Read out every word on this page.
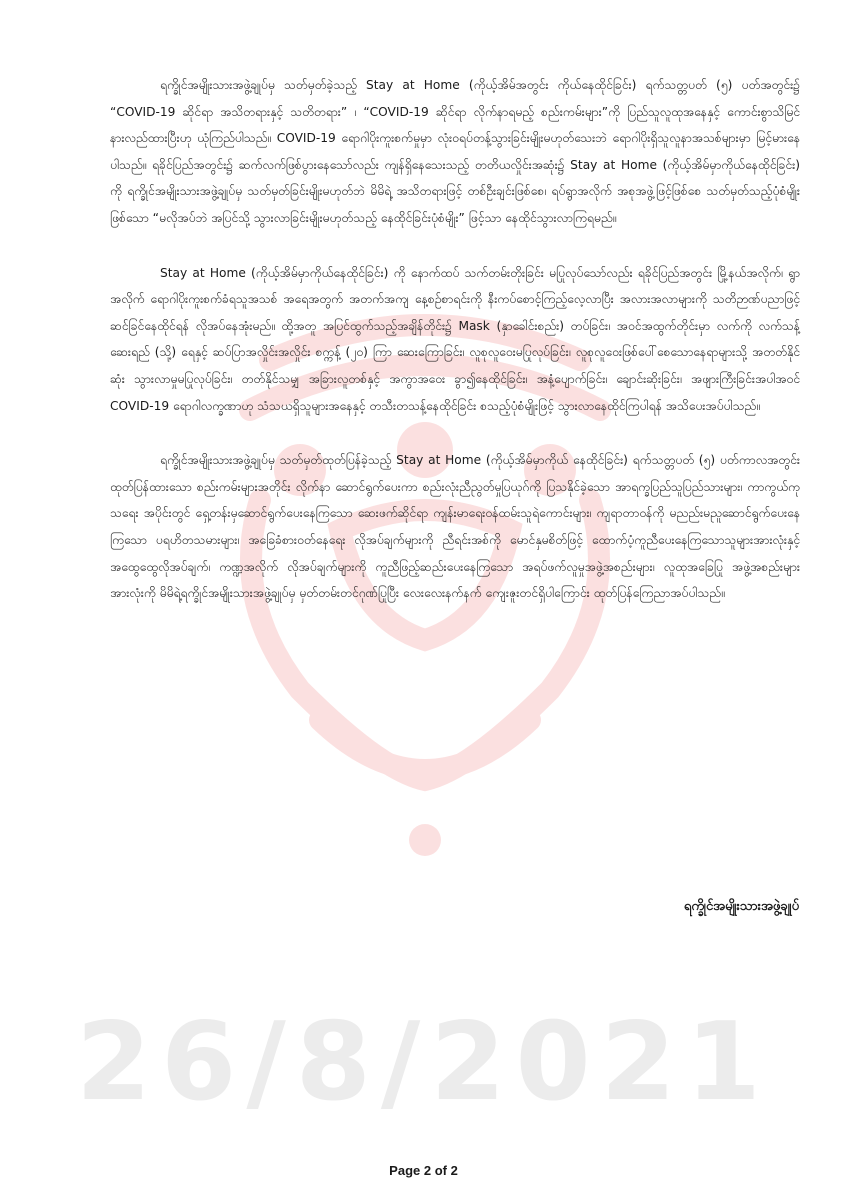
26/8/2021

ရက္ခိုင်အမျိုးသားအဖွဲ့ချုပ်မှ သတ်မှတ်ခဲ့သည့် Stay at Home (ကိုယ့်အိမ်အတွင်း ကိုယ်နေထိုင်ခြင်း) ရက်သတ္တပတ် (၅) ပတ်အတွင်း၌ “COVID-19 ဆိုင်ရာ အသိတရားနှင့် သတိတရား” ၊ “COVID-19 ဆိုင်ရာ လိုက်နာရမည့် စည်းကမ်းများ”ကို ပြည်သူလူထုအနေနှင့် ကောင်းစွာသိမြင်နားလည်ထားပြီးဟု ယုံကြည်ပါသည်။ COVID-19 ရောဂါပိုးကူးစက်မှုမှာ လုံးဝရပ်တန့်သွားခြင်းမျိုးမဟုတ်သေးဘဲ ရောဂါပိုးရှိသူလူနာအသစ်များမှာ မြင့်မားနေပါသည်။ ရခိုင်ပြည်အတွင်း၌ ဆက်လက်ဖြစ်ပွားနေသော်လည်း ကျန်ရှိနေသေးသည့် တတိယလှိုင်းအဆုံး၌ Stay at Home (ကိုယ့်အိမ်မှာကိုယ်နေထိုင်ခြင်း) ကို ရက္ခိုင်အမျိုးသားအဖွဲ့ချုပ်မှ သတ်မှတ်ခြင်းမျိုးမဟုတ်ဘဲ မိမိရဲ့ အသိတရားဖြင့် တစ်ဦးချင်းဖြစ်စေ၊ ရပ်ရွာအလိုက် အစုအဖွဲ့ဖြင့်ဖြစ်စေ သတ်မှတ်သည့်ပုံစံမျိုးဖြစ်သော “မလိုအပ်ဘဲ အပြင်သို့ သွားလာခြင်းမျိုးမဟုတ်သည့် နေထိုင်ခြင်းပုံစံမျိုး” ဖြင့်သာ နေထိုင်သွားလာကြရမည်။

Stay at Home (ကိုယ့်အိမ်မှာကိုယ်နေထိုင်ခြင်း) ကို နောက်ထပ် သက်တမ်းတိုးခြင်း မပြုလုပ်သော်လည်း ရခိုင်ပြည်အတွင်း မြို့နယ်အလိုက်၊ ရွာအလိုက် ရောဂါပိုးကူးစက်ခံရသူအသစ် အရေအတွက် အတက်အကျ နေ့စဉ်စာရင်းကို နီးကပ်စောင့်ကြည့်လေ့လာပြီး အလားအလာများကို သတိဉာဏ်ပညာဖြင့် ဆင်ခြင်နေထိုင်ရန် လိုအပ်နေအုံးမည်။ ထို့အတူ အပြင်ထွက်သည့်အချိန်တိုင်း၌ Mask (နှာခေါင်းစည်း) တပ်ခြင်း၊ အဝင်အထွက်တိုင်းမှာ လက်ကို လက်သန့်ဆေးရည် (သို့) ရေနှင့် ဆပ်ပြာအလှိုင်းအလှိုင်း စက္ကန့် (၂၀) ကြာ ဆေးကြောခြင်း၊ လူစုလူဝေးမပြုလုပ်ခြင်း၊ လူစုလူဝေးဖြစ်ပေါ်စေသောနေရာများသို့ အတတ်နိုင်ဆုံး သွားလာမှုမပြုလုပ်ခြင်း၊ တတ်နိုင်သမျှ အခြားလူတစ်နှင့် အကွာအဝေး ခွာ၍နေထိုင်ခြင်း၊ အနံ့ပျောက်ခြင်း၊ ချောင်းဆိုးခြင်း၊ အဖျားကြီးခြင်းအပါအဝင် COVID-19 ရောဂါလက္ခဏာဟု သံသယရှိသူများအနေနှင့် တသီးတသန့်နေထိုင်ခြင်း စသည့်ပုံစံမျိုးဖြင့် သွားလာနေထိုင်ကြပါရန် အသိပေးအပ်ပါသည်။

ရက္ခိုင်အမျိုးသားအဖွဲ့ချုပ်မှ သတ်မှတ်ထုတ်ပြန်ခဲ့သည့် Stay at Home (ကိုယ့်အိမ်မှာကိုယ် နေထိုင်ခြင်း) ရက်သတ္တပတ် (၅) ပတ်ကာလအတွင်း ထုတ်ပြန်ထားသော စည်းကမ်းများအတိုင်း လိုက်နာ ဆောင်ရွက်ပေးကာ စည်းလုံးညီညွတ်မှုပြယုဂ်ကို ပြသနိုင်ခဲ့သော အာရက္ခပြည်သူပြည်သားများ၊ ကာကွယ်ကုသရေး အပိုင်းတွင် ရှေ့တန်းမှဆောင်ရွက်ပေးနေကြသော ဆေးဖက်ဆိုင်ရာ ကျန်းမာရေးဝန်ထမ်းသူရဲကောင်းများ၊ ကျရာတာဝန်ကို မညည်းမညူဆောင်ရွက်ပေးနေကြသော ပရဟိတသမားများ၊ အခြေခံစားဝတ်နေရေး လိုအပ်ချက်များကို ညီရင်းအစ်ကို မောင်နှမစိတ်ဖြင့် ထောက်ပံ့ကူညီပေးနေကြသောသူများအားလုံးနှင့် အထွေထွေလိုအပ်ချက်၊ ကဏ္ဍအလိုက် လိုအပ်ချက်များကို ကူညီဖြည့်ဆည်းပေးနေကြသော အရပ်ဖက်လူမှုအဖွဲ့အစည်းများ၊ လူထုအခြေပြု အဖွဲ့အစည်းများ အားလုံးကို မိမိရဲ့ရက္ခိုင်အမျိုးသားအဖွဲ့ချုပ်မှ မှတ်တမ်းတင်ဂုဏ်ပြုပြီး လေးလေးနက်နက် ကျေးဇူးတင်ရှိပါကြောင်း ထုတ်ပြန်ကြေညာအပ်ပါသည်။

ရက္ခိုင်အမျိုးသားအဖွဲ့ချုပ်
Page 2 of 2
